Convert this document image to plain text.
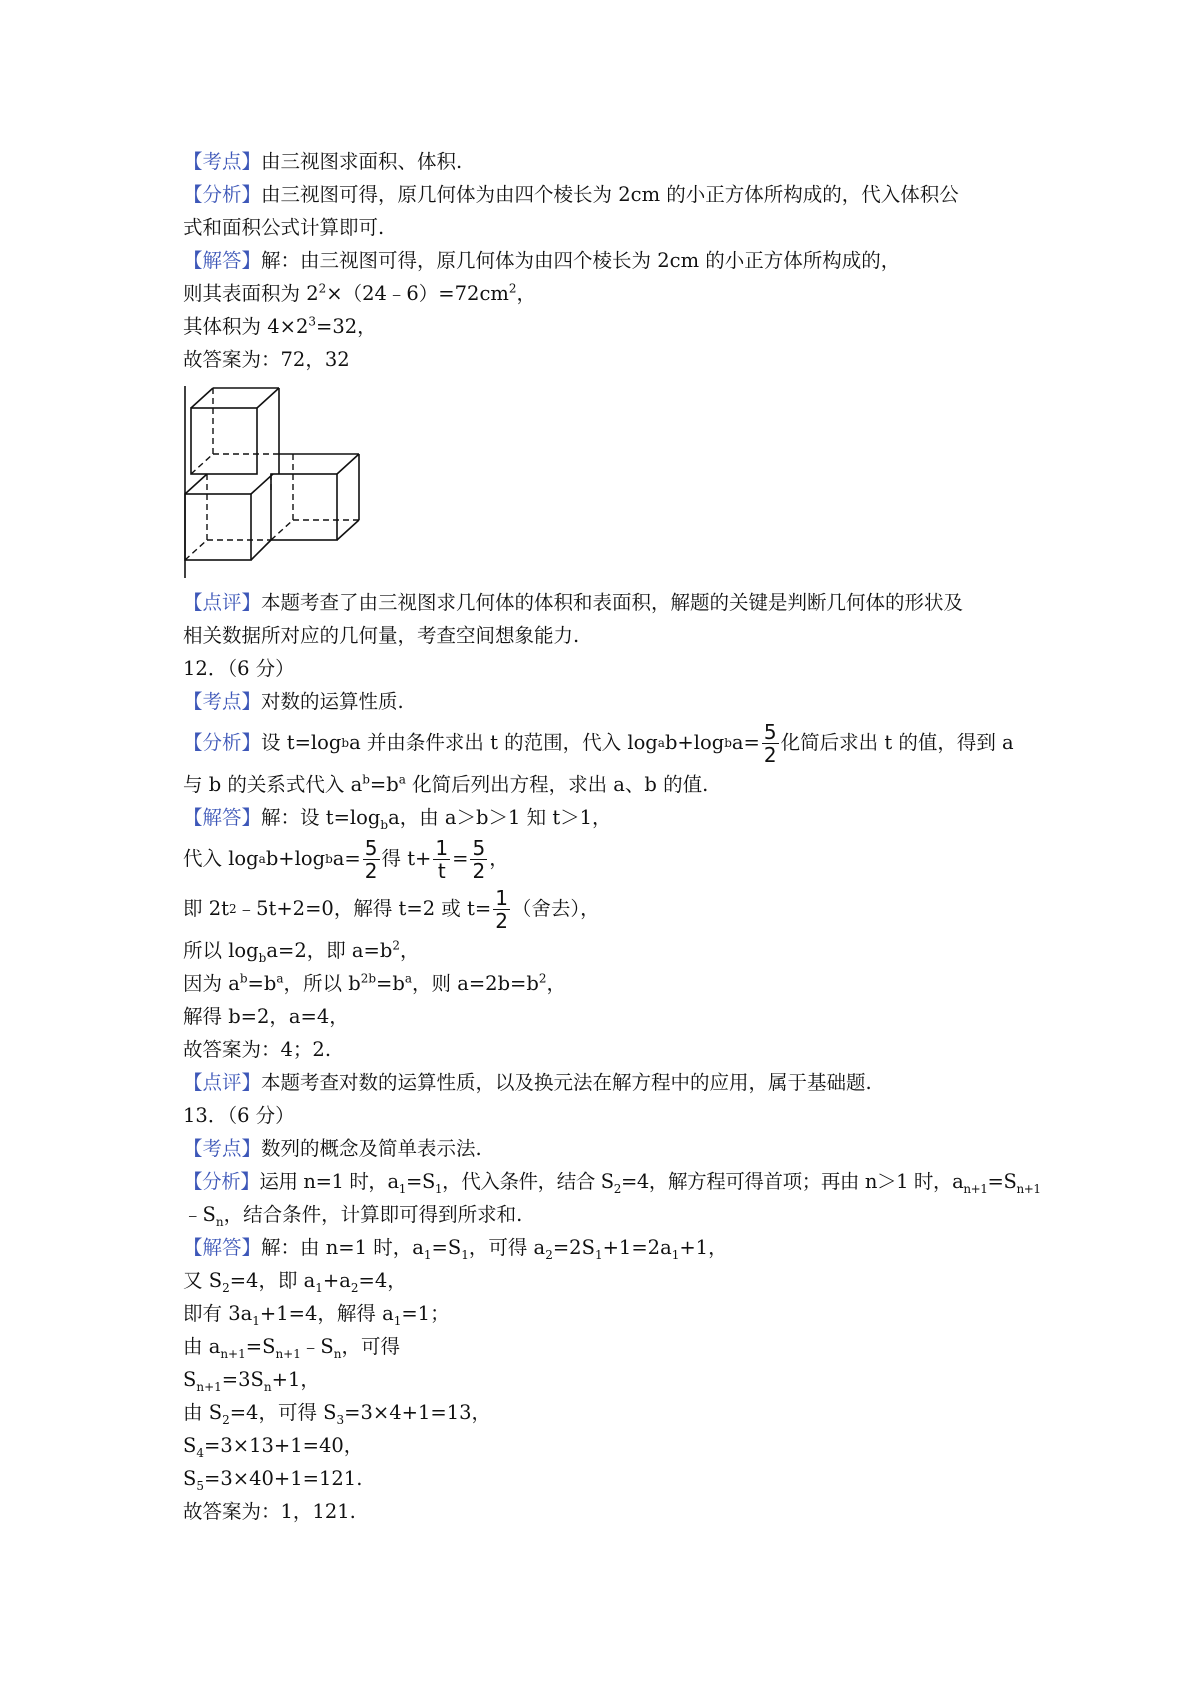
【 考点 】 由三视图求面积、体积.
【 分析 】 由三视图可得，原几何体为由四个棱长为 2cm 的小正方体所构成的，代入体积公
式和面积公式计算即可.
【 解答 】 解：由三视图可得，原几何体为由四个棱长为 2cm 的小正方体所构成的，
则其表面积为 $2^2\times(24﹣6)=72cm^2$，
其体积为 $4\times 2^3=32$，
故答案为：72，32
【 点评 】 本题考查了由三视图求几何体的体积和表面积，解题的关键是判断几何体的形状及
相关数据所对应的几何量，考查空间想象能力.
12．（6 分）
【 考点 】 对数的运算性质.
【 分析 】	设 t=log b a 并由条件求出 t 的范围，代入 log a b+log b $a= \frac{5}{2}$ 化简后求出 t 的值，得到 a
与 b 的关系式代入 $a^b=b^a$ 化简后列出方程，求出 a、b 的值.
【 解答 】 解：设 $t=\log_ba$，由 a＞b＞1 知 t＞1，
代入 log a b+log b $a= \frac{5}{2}$ 得 $t+ \frac{1}{t} = \frac{5}{2}$ ，
即 2t 2 ﹣5t+2=0，解得 t=2 或 $t= \frac{1}{2}$ （舍去），
所以 $\log_ba=2$，即 $a=b^2$，
因为 $a^b=b^a$，所以 $b^{2b}=b^a$，则 $a=2b=b^2$，
解得 b=2，a=4，
故答案为：4；2.
【 点评 】 本题考查对数的运算性质，以及换元法在解方程中的应用，属于基础题.
13．（6 分）
【 考点 】 数列的概念及简单表示法.
【 分析 】 运用 n=1 时，$a_1=S_1$，代入条件，结合 $S_2=4$，解方程可得首项；再由 n＞1 时，$a_{n+1}=S_{n+1}$
$﹣S_n$，结合条件，计算即可得到所求和.
【 解答 】 解：由 n=1 时，$a_1=S_1$，可得 $a_2=2S_1+1=2a_1+1$，
又 $S_2=4$，即 $a_1+a_2=4$，
即有 $3a_1+1=4$，解得 $a_1=1$；
由 $a_{n+1}=S_{n+1}﹣S_n$，可得
$S_{n+1}=3S_n+1$，
由 $S_2=4$，可得 $S_3=3\times 4+1=13$，
$S_4=3\times 13+1=40$，
$S_5=3\times 40+1=121$.
故答案为：1，121.
